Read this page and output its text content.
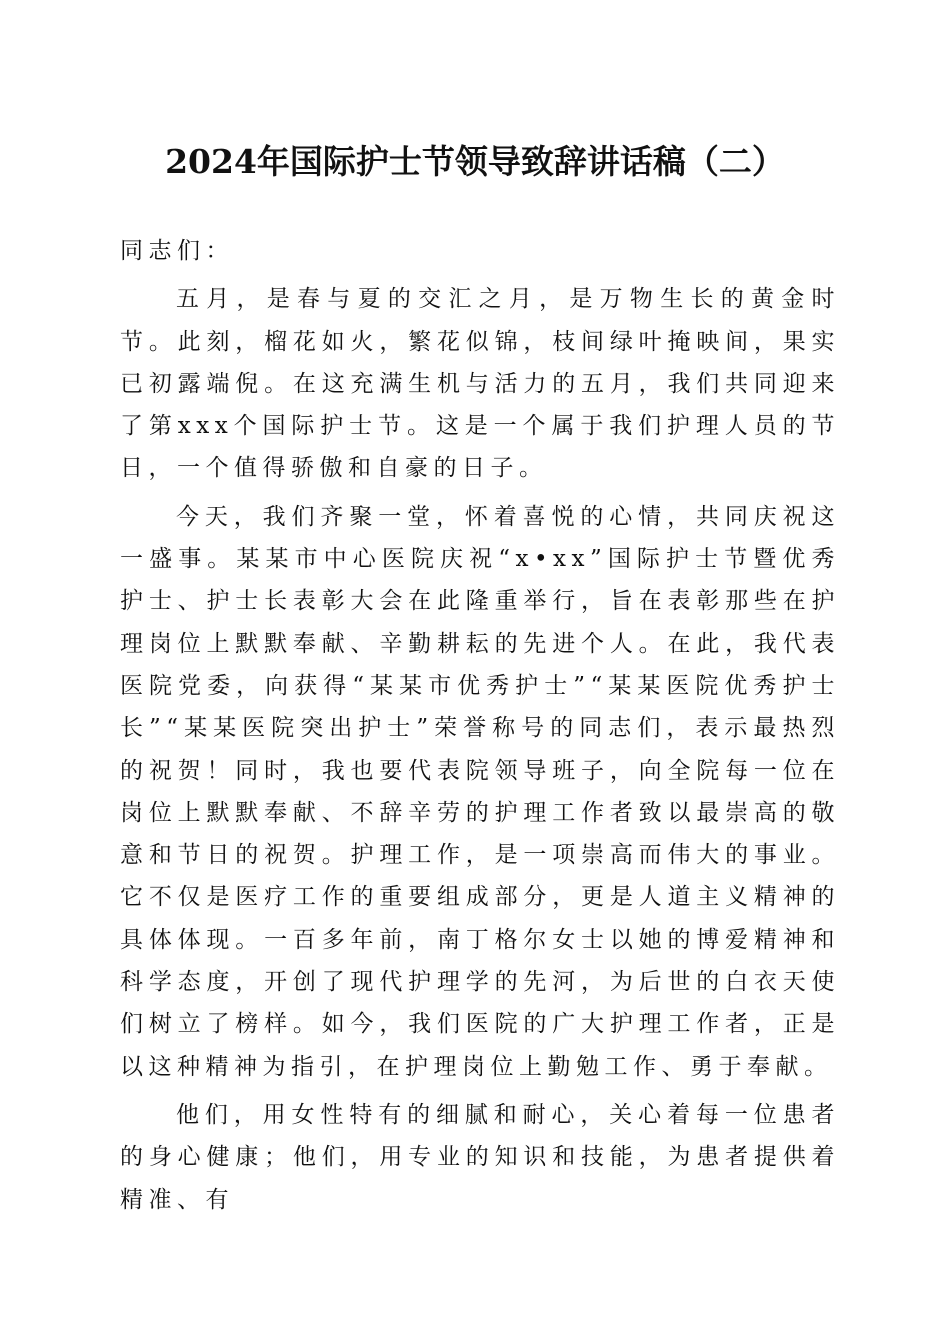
2024年国际护士节领导致辞讲话稿（二）

同志们：

五月，是春与夏的交汇之月，是万物生长的黄金时节。此刻，榴花如火，繁花似锦，枝间绿叶掩映间，果实已初露端倪。在这充满生机与活力的五月，我们共同迎来了第xxx个国际护士节。这是一个属于我们护理人员的节日，一个值得骄傲和自豪的日子。

今天，我们齐聚一堂，怀着喜悦的心情，共同庆祝这一盛事。某某市中心医院庆祝“x•xx”国际护士节暨优秀护士、护士长表彰大会在此隆重举行，旨在表彰那些在护理岗位上默默奉献、辛勤耕耘的先进个人。在此，我代表医院党委，向获得“某某市优秀护士”“某某医院优秀护士长”“某某医院突出护士”荣誉称号的同志们，表示最热烈的祝贺！同时，我也要代表院领导班子，向全院每一位在岗位上默默奉献、不辞辛劳的护理工作者致以最崇高的敬意和节日的祝贺。护理工作，是一项崇高而伟大的事业。它不仅是医疗工作的重要组成部分，更是人道主义精神的具体体现。一百多年前，南丁格尔女士以她的博爱精神和科学态度，开创了现代护理学的先河，为后世的白衣天使们树立了榜样。如今，我们医院的广大护理工作者，正是以这种精神为指引，在护理岗位上勤勉工作、勇于奉献。

他们，用女性特有的细腻和耐心，关心着每一位患者的身心健康；他们，用专业的知识和技能，为患者提供着精准、有
